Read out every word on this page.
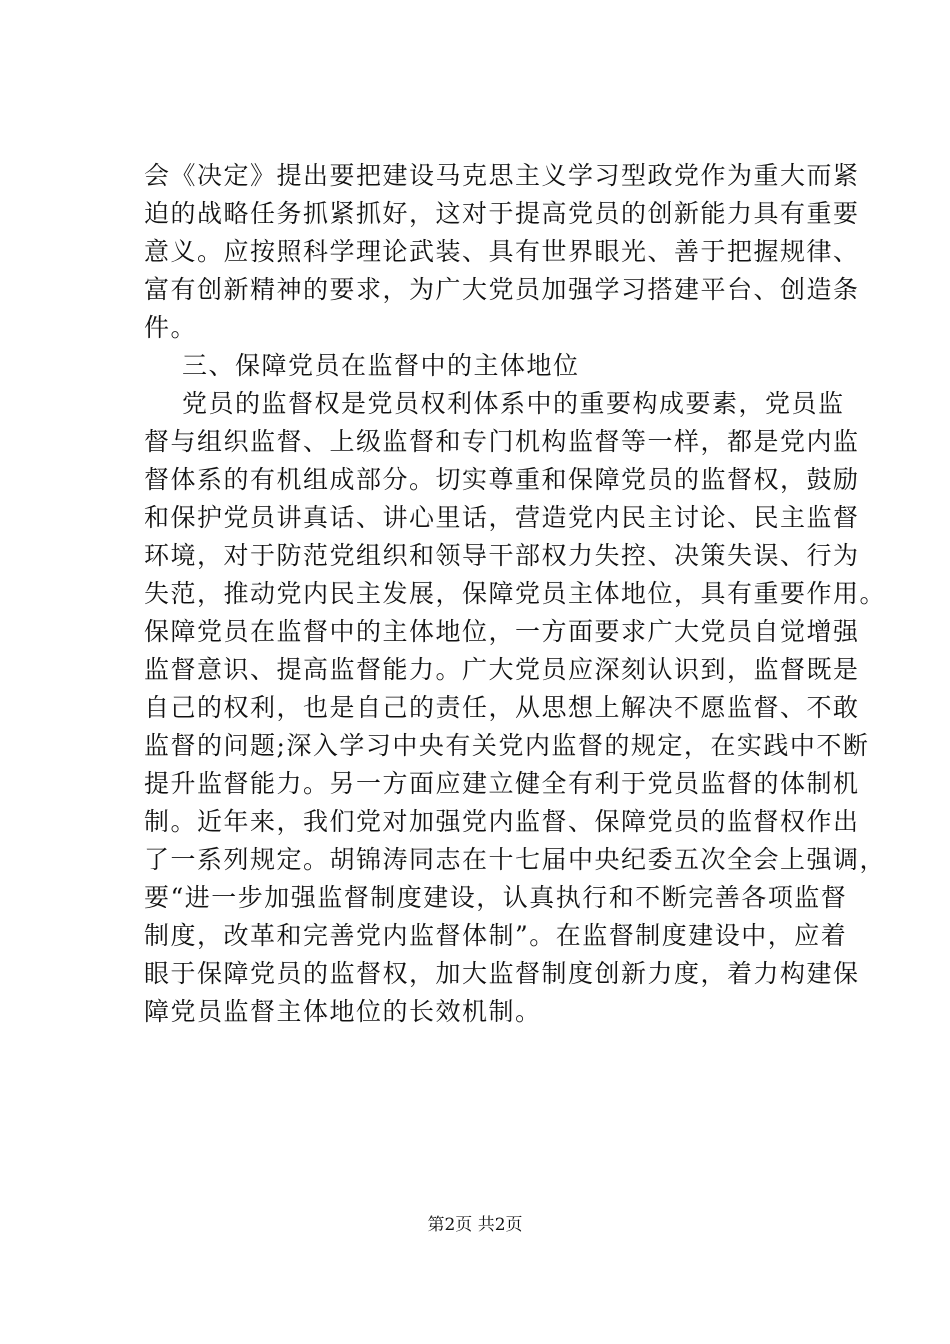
会《决定》提出要把建设马克思主义学习型政党作为重大而紧
迫的战略任务抓紧抓好，这对于提高党员的创新能力具有重要
意义。应按照科学理论武装、具有世界眼光、善于把握规律、
富有创新精神的要求，为广大党员加强学习搭建平台、创造条
件。
三、保障党员在监督中的主体地位
党员的监督权是党员权利体系中的重要构成要素，党员监
督与组织监督、上级监督和专门机构监督等一样，都是党内监
督体系的有机组成部分。切实尊重和保障党员的监督权，鼓励
和保护党员讲真话、讲心里话，营造党内民主讨论、民主监督
环境，对于防范党组织和领导干部权力失控、决策失误、行为
失范，推动党内民主发展，保障党员主体地位，具有重要作用。
保障党员在监督中的主体地位，一方面要求广大党员自觉增强
监督意识、提高监督能力。广大党员应深刻认识到，监督既是
自己的权利，也是自己的责任，从思想上解决不愿监督、不敢
监督的问题;深入学习中央有关党内监督的规定，在实践中不断
提升监督能力。另一方面应建立健全有利于党员监督的体制机
制。近年来，我们党对加强党内监督、保障党员的监督权作出
了一系列规定。胡锦涛同志在十七届中央纪委五次全会上强调，
要“进一步加强监督制度建设，认真执行和不断完善各项监督
制度，改革和完善党内监督体制”。在监督制度建设中，应着
眼于保障党员的监督权，加大监督制度创新力度，着力构建保
障党员监督主体地位的长效机制。
第2页 共2页
